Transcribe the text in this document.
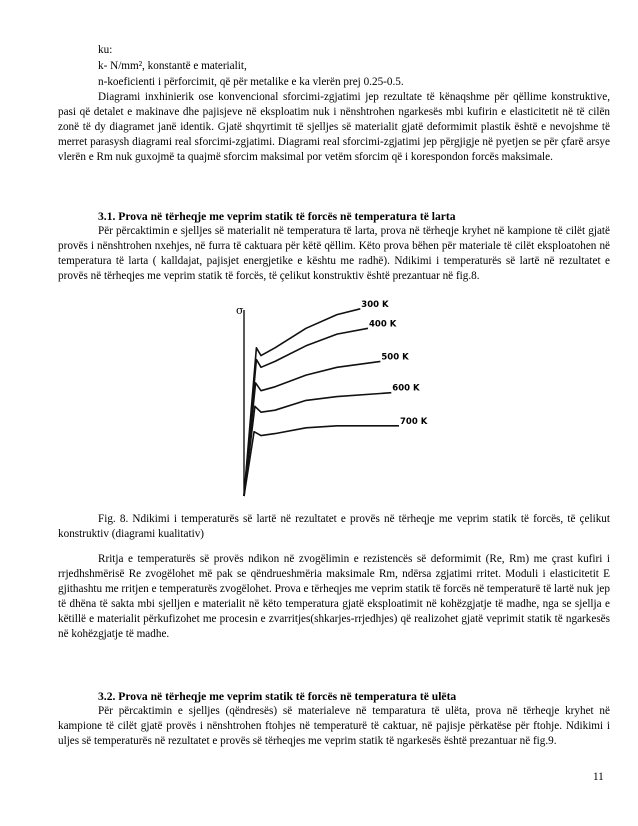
ku:
k- N/mm², konstantë e materialit,
n-koeficienti i përforcimit, që për metalike e ka vlerën prej 0.25-0.5.

Diagrami inxhinierik ose konvencional sforcimi-zgjatimi jep rezultate të kënaqshme për qëllime konstruktive, pasi që detalet e makinave dhe pajisjeve në eksploatim nuk i nënshtrohen ngarkesës mbi kufirin e elasticitetit në të cilën zonë të dy diagramet janë identik. Gjatë shqyrtimit të sjelljes së materialit gjatë deformimit plastik është e nevojshme të merret parasysh diagrami real sforcimi-zgjatimi. Diagrami real sforcimi-zgjatimi jep përgjigje në pyetjen se për çfarë arsye vlerën e Rm nuk guxojmë ta quajmë sforcim maksimal por vetëm sforcim që i korespondon forcës maksimale.

3.1. Prova në tërheqje me veprim statik të forcës në temperatura të larta

Për përcaktimin e sjelljes së materialit në temperatura të larta, prova në tërheqje kryhet në kampione të cilët gjatë provës i nënshtrohen nxehjes, në furra të caktuara për këtë qëllim. Këto prova bëhen për materiale të cilët eksploatohen në temperatura të larta ( kalldajat, pajisjet energjetike e kështu me radhë). Ndikimi i temperaturës së lartë në rezultatet e provës në tërheqjes me veprim statik të forcës, të çelikut konstruktiv është prezantuar në fig.8.

σ	300 K
400 K
500 K
600 K
700 K

Fig. 8. Ndikimi i temperaturës së lartë në rezultatet e provës në tërheqje me veprim statik të forcës, të çelikut konstruktiv (diagrami kualitativ)

Rritja e temperaturës së provës ndikon në zvogëlimin e rezistencës së deformimit (Re, Rm) me çrast kufiri i rrjedhshmërisë Re zvogëlohet më pak se qëndrueshmëria maksimale Rm, ndërsa zgjatimi rritet. Moduli i elasticitetit E gjithashtu me rritjen e temperaturës zvogëlohet. Prova e tërheqjes me veprim statik të forcës në temperaturë të lartë nuk jep të dhëna të sakta mbi sjelljen e materialit në këto temperatura gjatë eksploatimit në kohëzgjatje të madhe, nga se sjellja e këtillë e materialit përkufizohet me procesin e zvarritjes(shkarjes-rrjedhjes) që realizohet gjatë veprimit statik të ngarkesës në kohëzgjatje të madhe.

3.2. Prova në tërheqje me veprim statik të forcës në temperatura të ulëta

Për përcaktimin e sjelljes (qëndresës) së materialeve në temparatura të ulëta, prova në tërheqje kryhet në kampione të cilët gjatë provës i nënshtrohen ftohjes në temperaturë të caktuar, në pajisje përkatëse për ftohje. Ndikimi i uljes së temperaturës në rezultatet e provës së tërheqjes me veprim statik të ngarkesës është prezantuar në fig.9.

11
